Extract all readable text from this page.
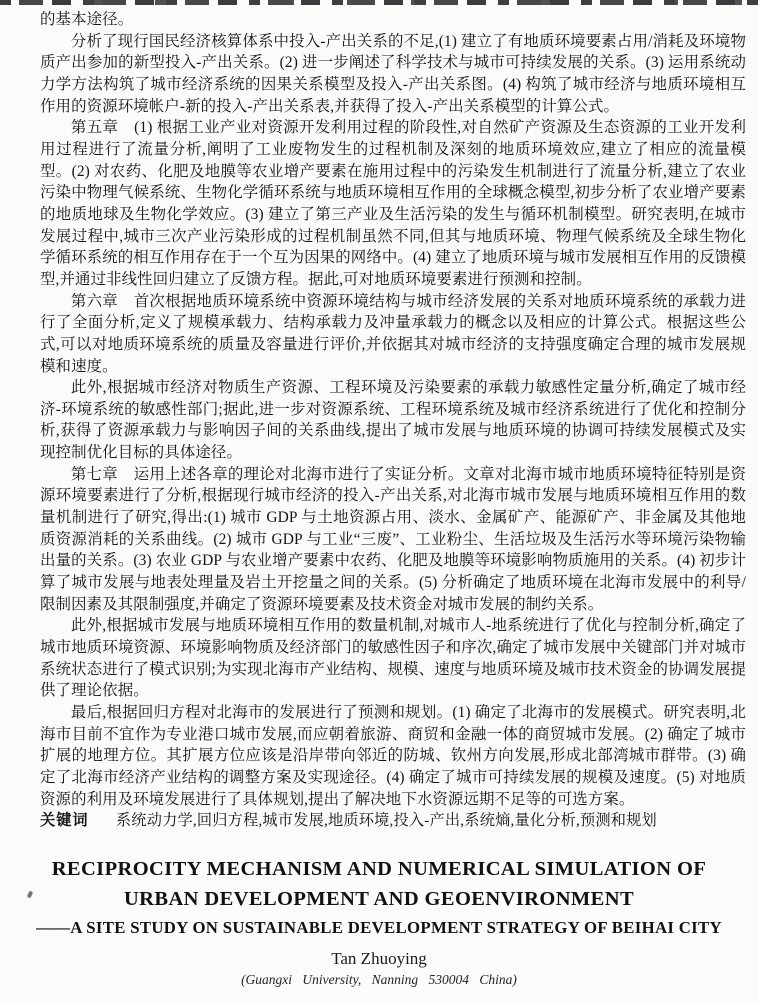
的基本途径。

分析了现行国民经济核算体系中投入-产出关系的不足,(1) 建立了有地质环境要素占用/消耗及环境物质产出参加的新型投入-产出关系。(2) 进一步阐述了科学技术与城市可持续发展的关系。(3) 运用系统动力学方法构筑了城市经济系统的因果关系模型及投入-产出关系图。(4) 构筑了城市经济与地质环境相互作用的资源环境帐户-新的投入-产出关系表,并获得了投入-产出关系模型的计算公式。

第五章　(1) 根据工业产业对资源开发利用过程的阶段性,对自然矿产资源及生态资源的工业开发利用过程进行了流量分析,阐明了工业废物发生的过程机制及深刻的地质环境效应,建立了相应的流量模型。(2) 对农药、化肥及地膜等农业增产要素在施用过程中的污染发生机制进行了流量分析,建立了农业污染中物理气候系统、生物化学循环系统与地质环境相互作用的全球概念模型,初步分析了农业增产要素的地质地球及生物化学效应。(3) 建立了第三产业及生活污染的发生与循环机制模型。研究表明,在城市发展过程中,城市三次产业污染形成的过程机制虽然不同,但其与地质环境、物理气候系统及全球生物化学循环系统的相互作用存在于一个互为因果的网络中。(4) 建立了地质环境与城市发展相互作用的反馈模型,并通过非线性回归建立了反馈方程。据此,可对地质环境要素进行预测和控制。

第六章　首次根据地质环境系统中资源环境结构与城市经济发展的关系对地质环境系统的承载力进行了全面分析,定义了规模承载力、结构承载力及冲量承载力的概念以及相应的计算公式。根据这些公式,可以对地质环境系统的质量及容量进行评价,并依据其对城市经济的支持强度确定合理的城市发展规模和速度。

此外,根据城市经济对物质生产资源、工程环境及污染要素的承载力敏感性定量分析,确定了城市经济-环境系统的敏感性部门;据此,进一步对资源系统、工程环境系统及城市经济系统进行了优化和控制分析,获得了资源承载力与影响因子间的关系曲线,提出了城市发展与地质环境的协调可持续发展模式及实现控制优化目标的具体途径。

第七章　运用上述各章的理论对北海市进行了实证分析。文章对北海市城市地质环境特征特别是资源环境要素进行了分析,根据现行城市经济的投入-产出关系,对北海市城市发展与地质环境相互作用的数量机制进行了研究,得出:(1) 城市 GDP 与土地资源占用、淡水、金属矿产、能源矿产、非金属及其他地质资源消耗的关系曲线。(2) 城市 GDP 与工业“三废”、工业粉尘、生活垃圾及生活污水等环境污染物输出量的关系。(3) 农业 GDP 与农业增产要素中农药、化肥及地膜等环境影响物质施用的关系。(4) 初步计算了城市发展与地表处理量及岩土开挖量之间的关系。(5) 分析确定了地质环境在北海市发展中的利导/限制因素及其限制强度,并确定了资源环境要素及技术资金对城市发展的制约关系。

此外,根据城市发展与地质环境相互作用的数量机制,对城市人-地系统进行了优化与控制分析,确定了城市地质环境资源、环境影响物质及经济部门的敏感性因子和序次,确定了城市发展中关键部门并对城市系统状态进行了模式识别;为实现北海市产业结构、规模、速度与地质环境及城市技术资金的协调发展提供了理论依据。

最后,根据回归方程对北海市的发展进行了预测和规划。(1) 确定了北海市的发展模式。研究表明,北海市目前不宜作为专业港口城市发展,而应朝着旅游、商贸和金融一体的商贸城市发展。(2) 确定了城市扩展的地理方位。其扩展方位应该是沿岸带向邻近的防城、钦州方向发展,形成北部湾城市群带。(3) 确定了北海市经济产业结构的调整方案及实现途径。(4) 确定了城市可持续发展的规模及速度。(5) 对地质资源的利用及环境发展进行了具体规划,提出了解决地下水资源远期不足等的可选方案。

关键词 系统动力学,回归方程,城市发展,地质环境,投入-产出,系统熵,量化分析,预测和规划

RECIPROCITY MECHANISM AND NUMERICAL SIMULATION OF
URBAN DEVELOPMENT AND GEOENVIRONMENT
——A SITE STUDY ON SUSTAINABLE DEVELOPMENT STRATEGY OF BEIHAI CITY
Tan Zhuoying
(Guangxi University, Nanning 530004 China)
